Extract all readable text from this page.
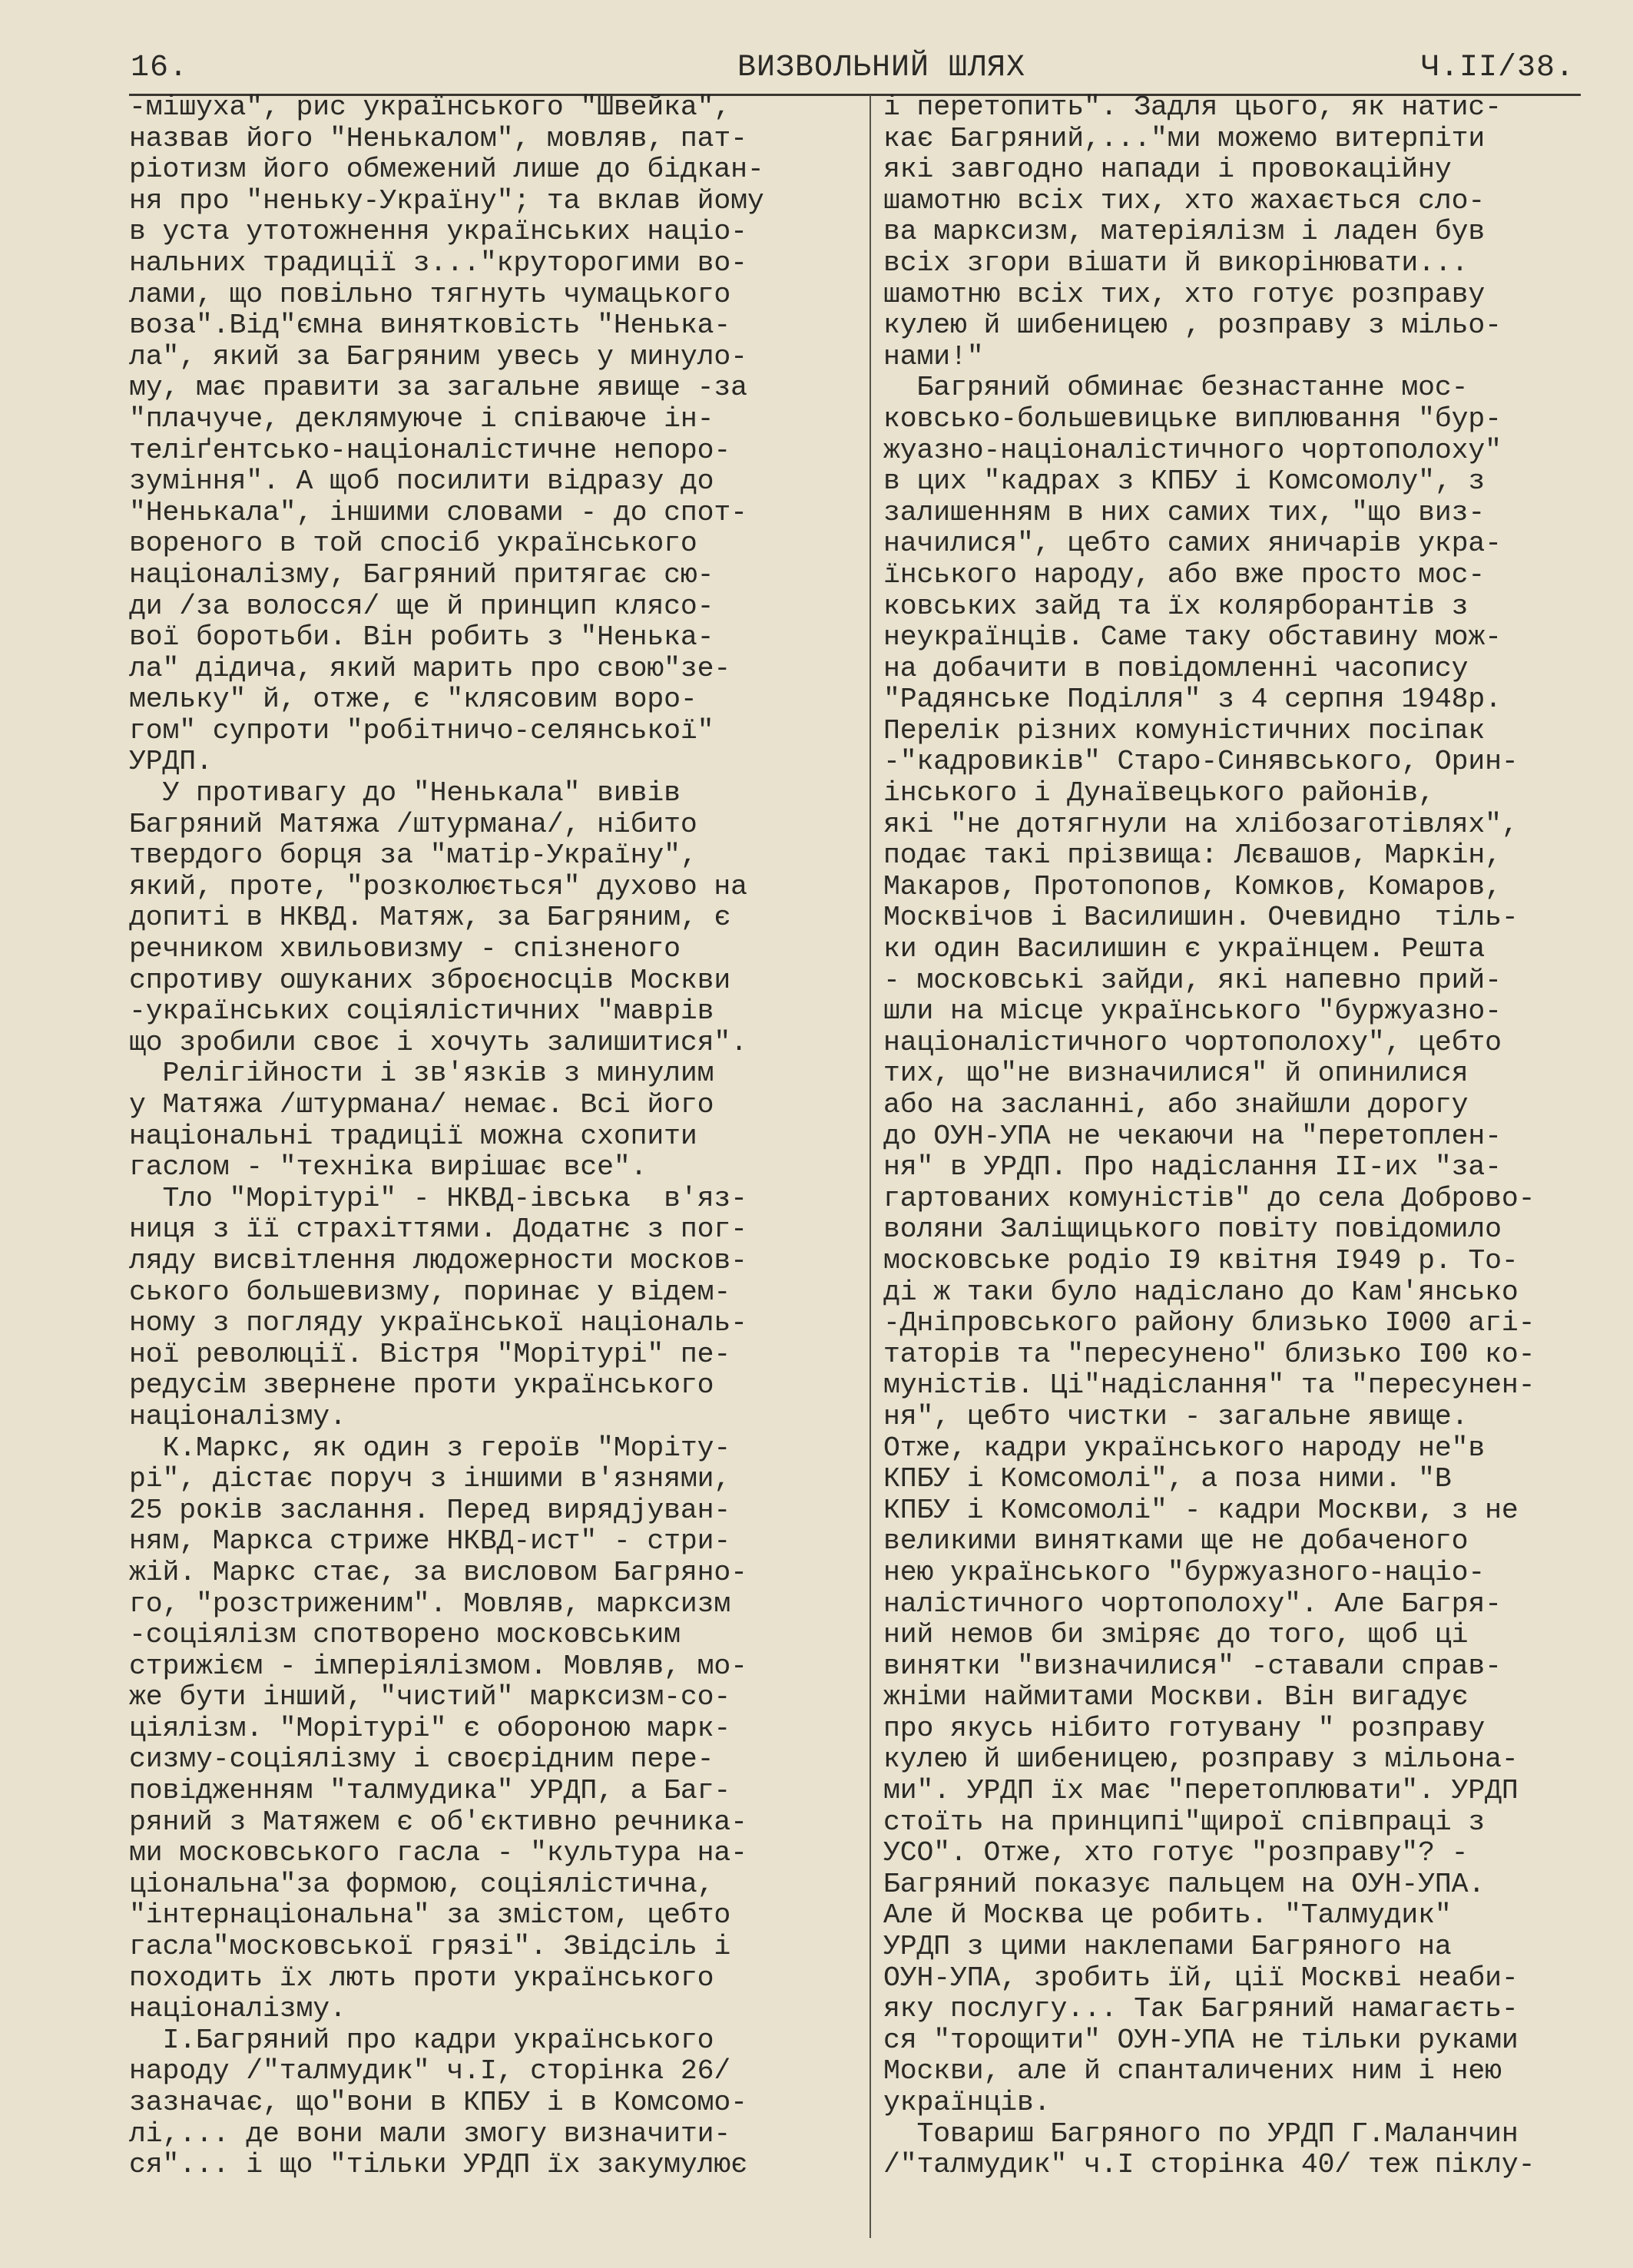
16.	ВИЗВОЛЬНИЙ ШЛЯХ	Ч.II/38.
-мішуха", рис українського "Швейка",
назвав його "Ненькалом", мовляв, пат-
ріотизм його обмежений лише до бідкан-
ня про "неньку-Україну"; та вклав йому
в уста утотожнення українських націо-
нальних традиції з..."круторогими во-
лами, що повільно тягнуть чумацького
воза".Від"ємна винятковість "Ненька-
ла", який за Багряним увесь у минуло-
му, має правити за загальне явище -за
"плачуче, деклямуюче і співаюче ін-
теліґентсько-націоналістичне непоро-
зуміння". А щоб посилити відразу до
"Ненькала", іншими словами - до спот-
вореного в той спосіб українського
націоналізму, Багряний притягає сю-
ди /за волосся/ ще й принцип клясо-
вої боротьби. Він робить з "Ненька-
ла" дідича, який марить про свою"зе-
мельку" й, отже, є "клясовим воро-
гом" супроти "робітничо-селянської"
УРДП.
У противагу до "Ненькала" вивів
Багряний Матяжа /штурмана/, нібито
твердого борця за "матір-Україну",
який, проте, "розколюється" духово на
допиті в НКВД. Матяж, за Багряним, є
речником хвильовизму - спізненого
спротиву ошуканих зброєносців Москви
-українських соціялістичних "маврів
що зробили своє і хочуть залишитися".
Релігійности і зв'язків з минулим
у Матяжа /штурмана/ немає. Всі його
національні традиції можна схопити
гаслом - "техніка вирішає все".
Тло "Морітурі" - НКВД-івська  в'яз-
ниця з її страхіттями. Додатнє з пог-
ляду висвітлення людожерности москов-
ського большевизму, поринає у відем-
ному з погляду української національ-
ної революції. Вістря "Морітурі" пе-
редусім звернене проти українського
націоналізму.
К.Маркс, як один з героїв "Моріту-
рі", дістає поруч з іншими в'язнями,
25 років заслання. Перед вирядjуван-
ням, Маркса стриже НКВД-ист" - стри-
жій. Маркс стає, за висловом Багряно-
го, "розстриженим". Мовляв, марксизм
-соціялізм спотворено московським
стрижієм - імперіялізмом. Мовляв, мо-
же бути інший, "чистий" марксизм-со-
ціялізм. "Морітурі" є обороною марк-
сизму-соціялізму і своєрідним пере-
повідженням "талмудика" УРДП, а Баг-
ряний з Матяжем є об'єктивно речника-
ми московського гасла - "культура на-
ціональна"за формою, соціялістична,
"інтернаціональна" за змістом, цебто
гасла"московської грязі". Звідсіль і
походить їх лють проти українського
націоналізму.
I.Багряний про кадри українського
народу /"талмудик" ч.I, сторінка 26/
зазначає, що"вони в КПБУ і в Комсомо-
лі,... де вони мали змогу визначити-
ся"... і що "тільки УРДП їх закумулює
і перетопить". Задля цього, як натис-
кає Багряний,..."ми можемо витерпіти
які завгодно напади і провокаційну
шамотню всіх тих, хто жахається сло-
ва марксизм, матеріялізм і ладен був
всіх згори вішати й викорінювати...
шамотню всіх тих, хто готує розправу
кулею й шибеницею , розправу з мільо-
нами!"
Багряний обминає безнастанне мос-
ковсько-большевицьке виплювання "бур-
жуазно-націоналістичного чортополоху"
в цих "кадрах з КПБУ і Комсомолу", з
залишенням в них самих тих, "що виз-
начилися", цебто самих яничарів укра-
їнського народу, або вже просто мос-
ковських зайд та їх колярборантів з
неукраїнців. Саме таку обставину мож-
на добачити в повідомленні часопису
"Радянське Поділля" з 4 серпня 1948р.
Перелік різних комуністичних посіпак
-"кадровиків" Старо-Синявського, Орин-
інського і Дунаївецького районів,
які "не дотягнули на хлібозаготівлях",
подає такі прізвища: Лєвашов, Маркін,
Макаров, Протопопов, Комков, Комаров,
Москвічов і Василишин. Очевидно  тіль-
ки один Василишин є українцем. Решта
- московські зайди, які напевно прий-
шли на місце українського "буржуазно-
націоналістичного чортополоху", цебто
тих, що"не визначилися" й опинилися
або на засланні, або знайшли дорогу
до ОУН-УПА не чекаючи на "перетоплен-
ня" в УРДП. Про надіслання II-их "за-
гартованих комуністів" до села Доброво-
воляни Заліщицького повіту повідомило
московське родіо I9 квітня I949 р. То-
ді ж таки було надіслано до Кам'янсько
-Дніпровського району близько I000 агі-
таторів та "пересунено" близько I00 ко-
муністів. Ці"надіслання" та "пересунен-
ня", цебто чистки - загальне явище.
Отже, кадри українського народу не"в
КПБУ і Комсомолі", а поза ними. "В
КПБУ і Комсомолі" - кадри Москви, з не
великими винятками ще не добаченого
нею українського "буржуазного-націо-
налістичного чортополоху". Але Багря-
ний немов би зміряє до того, щоб ці
винятки "визначилися" -ставали справ-
жніми наймитами Москви. Він вигадує
про якусь нібито готувану " розправу
кулею й шибеницею, розправу з мільона-
ми". УРДП їх має "перетоплювати". УРДП
стоїть на принципі"щирої співпраці з
УСО". Отже, хто готує "розправу"? -
Багряний показує пальцем на ОУН-УПА.
Але й Москва це робить. "Талмудик"
УРДП з цими наклепами Багряного на
ОУН-УПА, зробить їй, ції Москві неаби-
яку послугу... Так Багряний намагаєть-
ся "торощити" ОУН-УПА не тільки руками
Москви, але й спанталичених ним і нею
українців.
Товариш Багряного по УРДП Г.Маланчин
/"талмудик" ч.I сторінка 40/ теж піклу-
